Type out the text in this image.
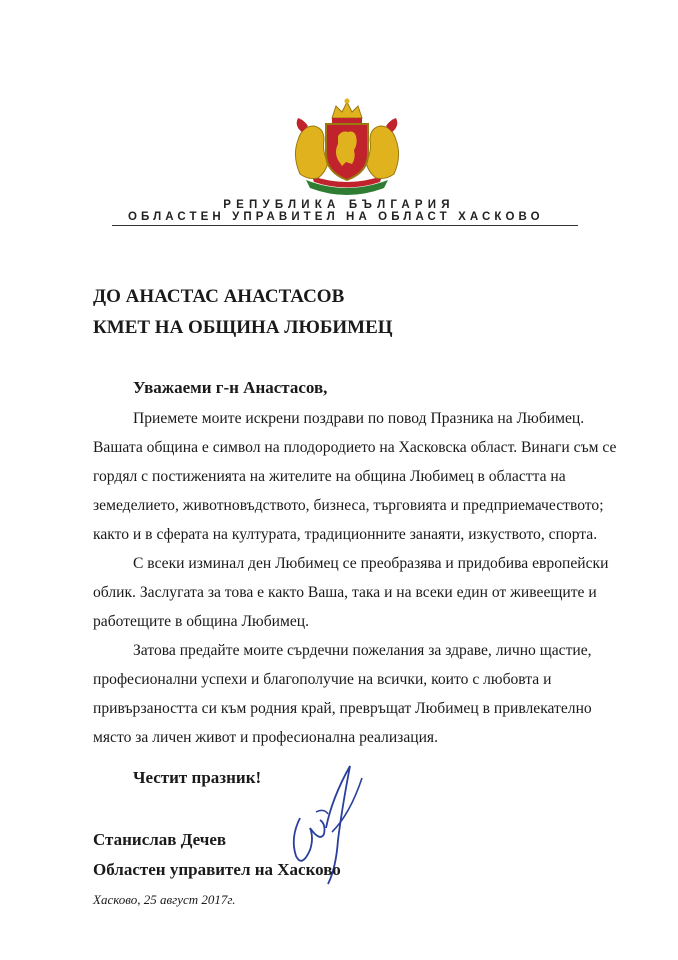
РЕПУБЛИКА БЪЛГАРИЯ
ОБЛАСТЕН УПРАВИТЕЛ НА ОБЛАСТ ХАСКОВО
ДО АНАСТАС АНАСТАСОВ
КМЕТ НА ОБЩИНА ЛЮБИМЕЦ
Уважаеми г-н Анастасов,

Приемете моите искрени поздрави по повод Празника на Любимец. Вашата община е символ на плодородието на Хасковска област. Винаги съм се гордял с постиженията на жителите на община Любимец в областта на земеделието, животновъдството, бизнеса, търговията и предприемачеството; както и в сферата на културата, традиционните занаяти, изкуството, спорта.

С всеки изминал ден Любимец се преобразява и придобива европейски облик. Заслугата за това е както Ваша, така и на всеки един от живеещите и работещите в община Любимец.

Затова предайте моите сърдечни пожелания за здраве, лично щастие, професионални успехи и благополучие на всички, които с любовта и привързаността си към родния край, превръщат Любимец в привлекателно място за личен живот и професионална реализация.

Честит празник!
Станислав Дечев
Областен управител на Хасково
Хасково, 25 август 2017г.
